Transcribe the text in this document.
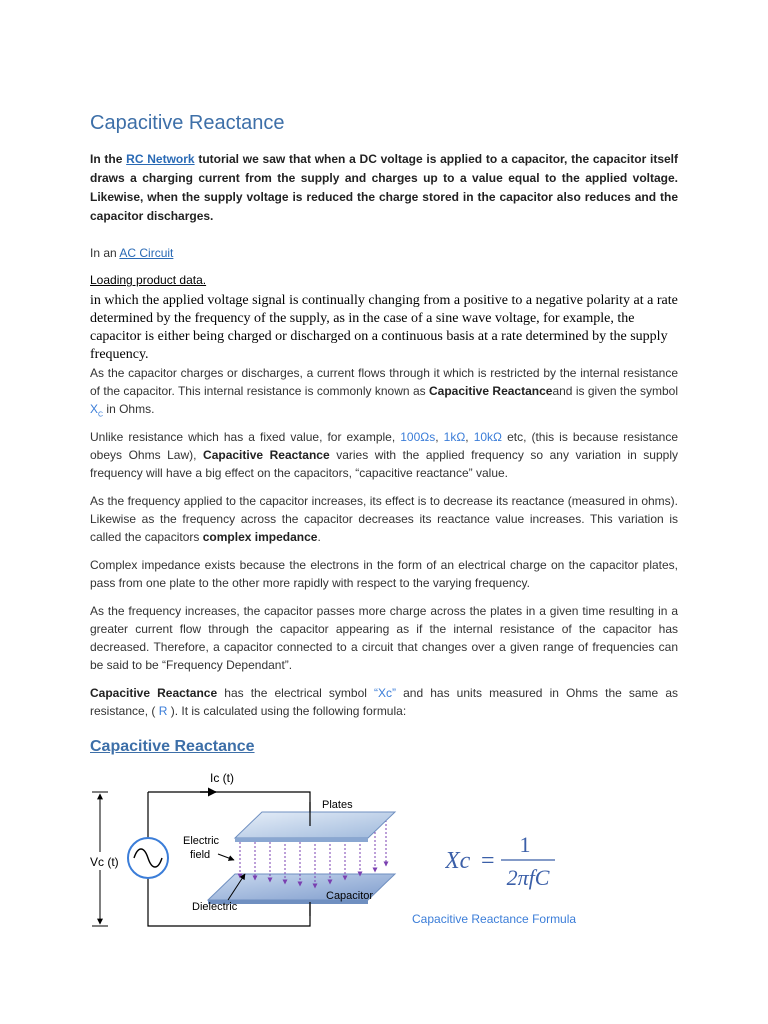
Capacitive Reactance

In the RC Network tutorial we saw that when a DC voltage is applied to a capacitor, the capacitor itself draws a charging current from the supply and charges up to a value equal to the applied voltage. Likewise, when the supply voltage is reduced the charge stored in the capacitor also reduces and the capacitor discharges.

In an AC Circuit

Loading product data.

in which the applied voltage signal is continually changing from a positive to a negative polarity at a rate determined by the frequency of the supply, as in the case of a sine wave voltage, for example, the capacitor is either being charged or discharged on a continuous basis at a rate determined by the supply frequency.

As the capacitor charges or discharges, a current flows through it which is restricted by the internal resistance of the capacitor. This internal resistance is commonly known as Capacitive Reactanceand is given the symbol $X_C$ in Ohms.

Unlike resistance which has a fixed value, for example, 100Ωs, 1kΩ, 10kΩ etc, (this is because resistance obeys Ohms Law), Capacitive Reactance varies with the applied frequency so any variation in supply frequency will have a big effect on the capacitors, “capacitive reactance” value.

As the frequency applied to the capacitor increases, its effect is to decrease its reactance (measured in ohms). Likewise as the frequency across the capacitor decreases its reactance value increases. This variation is called the capacitors complex impedance.

Complex impedance exists because the electrons in the form of an electrical charge on the capacitor plates, pass from one plate to the other more rapidly with respect to the varying frequency.

As the frequency increases, the capacitor passes more charge across the plates in a given time resulting in a greater current flow through the capacitor appearing as if the internal resistance of the capacitor has decreased. Therefore, a capacitor connected to a circuit that changes over a given range of frequencies can be said to be “Frequency Dependant”.

Capacitive Reactance has the electrical symbol “Xc” and has units measured in Ohms the same as resistance, ( R ). It is calculated using the following formula:

Capacitive Reactance
Ic (t)
Vc (t)
Plates
Electric
field
Dielectric
Capacitor
Xc =
1
2πfC
Capacitive Reactance Formula
